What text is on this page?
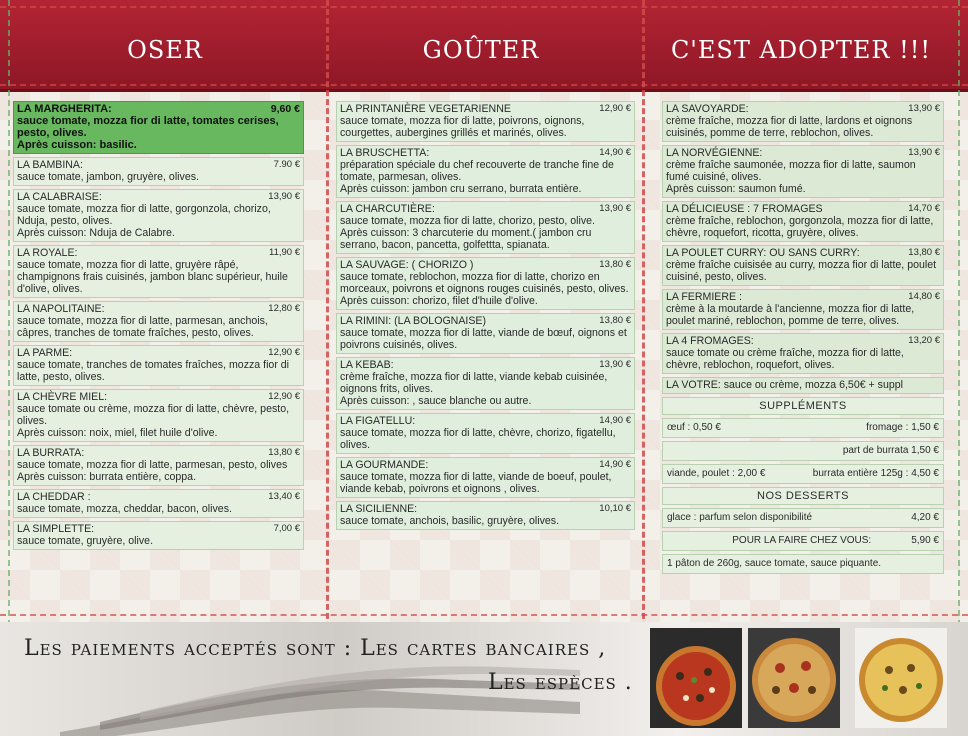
OSER	GOÛTER	C'EST ADOPTER !!!
LA MARGHERITA:	9,60 €
sauce tomate, mozza fior di latte, tomates cerises, pesto, olives.
Après cuisson: basilic.
LA BAMBINA:	7.90 €
sauce tomate, jambon, gruyère, olives.
LA CALABRAISE:	13,90 €
sauce tomate, mozza fior di latte, gorgonzola, chorizo, Nduja, pesto, olives.
Après cuisson: Nduja de Calabre.
LA ROYALE:	11,90 €
sauce tomate, mozza fior di latte, gruyère râpé, champignons frais cuisinés, jambon blanc supérieur, huile d'olive, olives.
LA NAPOLITAINE:	12,80 €
sauce tomate, mozza fior di latte, parmesan, anchois, câpres, tranches de tomate fraîches, pesto, olives.
LA PARME:	12,90 €
sauce tomate, tranches de tomates fraîches, mozza fior di latte, pesto, olives.
LA CHÈVRE MIEL:	12,90 €
sauce tomate ou crème, mozza fior di latte, chèvre, pesto, olives.
Après cuisson: noix, miel, filet huile d'olive.
LA BURRATA:	13,80 €
sauce tomate, mozza fior di latte, parmesan, pesto, olives
Après cuisson: burrata entière, coppa.
LA CHEDDAR :	13,40 €
sauce tomate, mozza, cheddar, bacon, olives.
LA SIMPLETTE:	7,00 €
sauce tomate, gruyère, olive.
LA PRINTANIÈRE VEGETARIENNE	12,90 €
sauce tomate, mozza fior di latte, poivrons, oignons, courgettes, aubergines grillés et marinés, olives.
LA BRUSCHETTA:	14,90 €
préparation spéciale du chef recouverte de tranche fine de tomate, parmesan, olives.
Après cuisson: jambon cru serrano, burrata entière.
LA CHARCUTIÈRE:	13,90 €
sauce tomate, mozza fior di latte, chorizo, pesto, olive.
Après cuisson: 3 charcuterie du moment.( jambon cru serrano, bacon, pancetta, golfettta, spianata.
LA SAUVAGE: ( CHORIZO )	13,80 €
sauce tomate, reblochon, mozza fior di latte, chorizo en morceaux, poivrons et oignons rouges cuisinés, pesto, olives.
Après cuisson: chorizo, filet d'huile d'olive.
LA RIMINI: (LA BOLOGNAISE)	13,80 €
sauce tomate, mozza fior di latte, viande de bœuf, oignons et poivrons cuisinés, olives.
LA KEBAB:	13,90 €
crème fraîche, mozza fior di latte, viande kebab cuisinée, oignons frits, olives.
Après cuisson: , sauce blanche ou autre.
LA FIGATELLU:	14,90 €
sauce tomate, mozza fior di latte, chèvre, chorizo, figatellu, olives.
LA GOURMANDE:	14,90 €
sauce tomate, mozza fior di latte, viande de boeuf, poulet, viande kebab, poivrons et oignons , olives.
LA SICILIENNE:	10,10 €
sauce tomate, anchois, basilic, gruyère, olives.
LA SAVOYARDE:	13,90 €
crème fraîche, mozza fior di latte, lardons et oignons cuisinés, pomme de terre, reblochon, olives.
LA NORVÉGIENNE:	13,90 €
crème fraîche saumonée, mozza fior di latte, saumon fumé cuisiné, olives.
Après cuisson: saumon fumé.
LA DÉLICIEUSE : 7 FROMAGES	14,70 €
crème fraîche, reblochon, gorgonzola, mozza fior di latte, chèvre, roquefort, ricotta, gruyère, olives.
LA POULET CURRY: OU SANS CURRY:	13,80 €
crème fraîche cuisisée au curry, mozza fior di latte, poulet cuisiné, pesto, olives.
LA FERMIERE :	14,80 €
crème à la moutarde à l'ancienne, mozza fior di latte, poulet mariné, reblochon, pomme de terre, olives.
LA 4 FROMAGES:	13,20 €
sauce tomate ou crème fraîche, mozza fior di latte, chèvre, reblochon, roquefort, olives.
LA VOTRE: sauce ou crème, mozza 6,50€ + suppl
SUPPLÉMENTS
œuf : 0,50 €	fromage : 1,50 €
part de burrata 1,50 €
viande, poulet : 2,00 €	burrata entière 125g : 4,50 €
NOS DESSERTS
glace : parfum selon disponibilité	4,20 €
POUR LA FAIRE CHEZ VOUS:	5,90 €
1 pâton de 260g, sauce tomate, sauce piquante.
Les paiements acceptés sont : Les cartes bancaires ,
Les espèces .
